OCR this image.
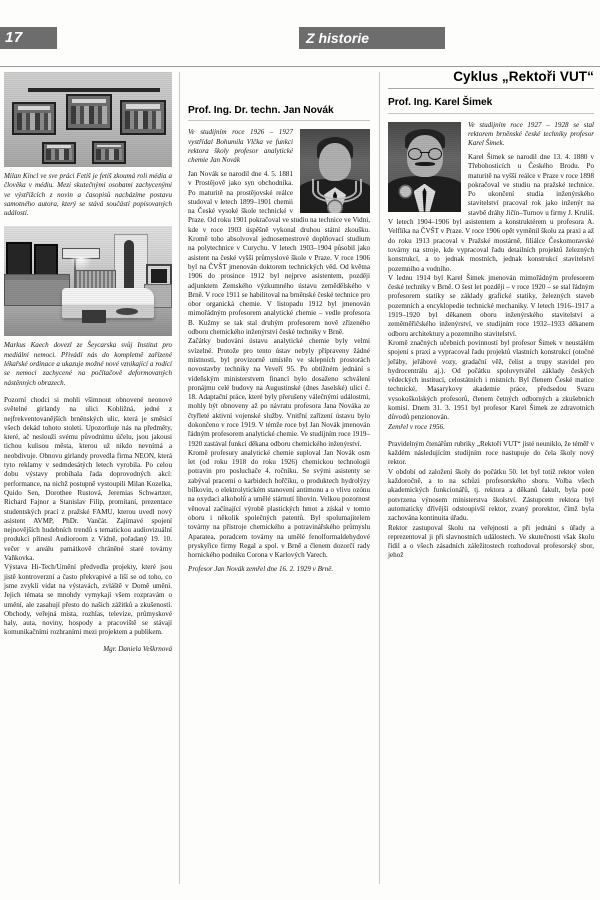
17	Z historie

Milan Kincl ve sve práci Fetiš je fetiš zkoumá roli média a člověka v médiu. Mezi skutečnými osobami zachycenými ve výstřižcích z novin a časopisů nacházíme postavu samotného autora, který se stává součástí popisovaných událostí.

Markus Kaech dovezl ze Šeycarska svůj Institut pro mediální nemoci. Přivádí nás do kompletně zařízené lékařské ordinace a ukazuje možné nové vznikající a rodící se nemoci zachycené na počítačově deformovaných nástěnných obrazech.

Pozorní chodci si mohli všimnout obnovené neonové světelné girlandy na ulici Kobližná, jedné z nejfrekventovanějších brněnských ulic, která je směsicí všech dekád tohoto století. Upozorňuje nás na předměty, které, ač neslouží svému původnímu účelu, jsou jakousi tichou kulisou města, kterou už nikdo nevnímá a neobdivuje. Obnovu girlandy provedla firma NEON, která tyto reklamy v sedmdesátých letech vyrobila. Po celou dobu výstavy probíhala řada doprovodných akcí: performance, na nichž postupně vystoupili Milan Kozelka, Quido Sen, Dorothee Rustová, Jeremias Schwartzer, Richard Fajnor a Stanislav Filip, promítaní, prezentace studentských prací z pražské FAMU, kterou uvedl nový asistent AVMP, PhDr. Vančát. Zajímavé spojení nejnovějších hudebních trendů s tematickou audiovizuální produkcí přinesl Audioroom z Vídně, pořadaný 19. 10. večer v areálu památkově chráněné staré továrny Vaňkovka.

Výstava Hi-Tech/Umění předvedla projekty, které jsou jistě kontroverzní a často překvapivé a liší se od toho, co jsme zvyklí vidat na výstavách, zvláště v Domě umění. Jejich témata se mnohdy vymykají všem rozpravám o umění, ale zasahují přesto do našich zážitků a zkušeností. Obchody, veřejná místa, rozhlas, televize, průmyskové haly, auta, noviny, hospody a pracoviště se stávají komunikačními rozhraními mezi projektem a publikem.

Mgr. Daniela Veškrnová

Prof. Ing. Dr. techn. Jan Novák

Ve studijním roce 1926 – 1927 vystřídal Bohumila Vlčka ve funkci rektora školy profesor analytické chemie Jan Novák

Jan Novák se narodil dne 4. 5. 1881 v Prostějově jako syn obchodníka. Po maturitě na prostějovské reálce studoval v letech 1899–1901 chemii na České vysoké škole technické v Praze. Od roku 1901 pokračoval ve studiu na technice ve Vidni, kde v roce 1903 úspěšně vykonal druhou státní zkoušku. Kromě toho absolvoval jednosemestrové doplňovací studium na polytechnice v Curychu. V letech 1903–1904 působil jako asistent na české vyšší průmyslové škole v Praze. V roce 1906 byl na ČVŠT jmenován doktorem technických věd. Od května 1906 do prosince 1912 byl nejprve asistentem, později adjunktem Zemského výzkumného ústavu zemědělského v Brně. V roce 1911 se habilitoval na brněnské české technice pro obor organická chemie. V listopadu 1912 byl jmenován mimořádným profesorem analytické chemie – vedle profesora B. Kužmy se tak stal druhým profesorem nově zřízeného odboru chemického inženýrství české techniky v Brně.

Začátky budování ústavu analytické chemie byly velmi svízelné. Protože pro tento ústav nebyly připraveny žádné místnosti, byl provizorně umístěn ve sklepních prostorách novostavby techniky na Veveří 95. Po obtížném jednání s vídeňským ministerstvem financí bylo dosaženo schválení pronájmu celé budovy na Augustinské (dnes Jaselské) ulici č. 18. Adaptační práce, které byly přerušeny válečnými událostmi, mohly být obnoveny až po návratu profesora Jana Nováka ze čtyřleté aktivní vojenské služby. Vnitřní zařízení ústavu bylo dokončeno v roce 1919. V témže roce byl Jan Novák jmenován řádným profesorem analytické chemie. Ve studijním roce 1919–1920 zastával funkci děkana odboru chemického inženýrství.

Kromě profesury analytické chemie suploval Jan Novák osm let (od roku 1918 do roku 1926) chemickou technologii potravin pro posluchače 4. ročníku. Se svými asistenty se zabýval pracemi o karbidech hořčíku, o produktech hydrolýzy bílkovin, o elektrolytickém stanovení antimonu a o vlivu ozónu na oxydaci alkoholů a umělé stárnutí lihovin. Velkou pozornost věnoval začínající výrobě plastických hmot a získal v tomto oboru i několik společných patentů. Byl spolumajitelem továrny na přístroje chemického a potravinářského průmyslu Aparatea, poradcem továrny na umělé fenolformaldehydové pryskyřice firmy Regal a spol. v Brně a členem dozorčí rady hornického podniku Corona v Karlových Varech.

Profesor Jan Novák zemřel dne 16. 2. 1929 v Brně.

Cyklus „Rektoři VUT“
Prof. Ing. Karel Šimek

Ve studijním roce 1927 – 1928 se stal rektorem brněnské české techniky profesor Karel Šimek.

Karel Šimek se narodil dne 13. 4. 1880 v Třebohosticích u Českého Brodu. Po maturitě na vyšší reálce v Praze v roce 1898 pokračoval ve studiu na pražské technice. Po ukončení studia inženýrského stavitelství pracoval rok jako inženýr na stavbě dráhy Jičín–Turnov u firmy J. Kruliš. V letech 1904–1906 byl asistentem a konstruktérem u profesora A. Velflíka na ČVŠT v Praze. V roce 1906 opět vyměnil školu za praxi a až do roku 1913 pracoval v Pražské mostárně, filiálce Českomoravské továrny na stroje, kde vypracoval řadu detailních projektů železných konstrukcí, a to jednak mostních, jednak konstrukcí stavitelství pozemního a vodního.

V lednu 1914 byl Karel Šimek jmenován mimořádným profesorem české techniky v Brně. O šest let později – v roce 1920 – se stal řádným profesorem statiky se základy grafické statiky, železných staveb pozemních a encyklopedie technické mechaniky. V letech 1916–1917 a 1919–1920 byl děkanem oboru inženýrského stavitelství a zeměměřičského inženýrství, ve studijním roce 1932–1933 děkanem odboru architektury a pozemního stavitelství.

Kromě značných učebních povinností byl profesor Šimek v neustálém spojení s praxí a vypracoval řadu projektů vlastních konstrukcí (otočné jeřáby, jeřábové vozy, gradační věž, čelist a trupy stavidel pro hydrocentrálu aj.). Od počátku spoluvytvářel základy českých vědeckých institucí, celostátních i místních. Byl členem České matice technické, Masarykovy akademie práce, předsedou Svazu vysokoškolských profesorů, členem četných odborných a zkušebních komisí. Dnem 31. 3. 1951 byl profesor Karel Šimek ze zdravotních důvodů penzionován.

Zemřel v roce 1956.

Pravidelným čtenářům rubriky „Rektoři VUT“ jisté neuniklo, že téměř v každém následujícím studijním roce nastupuje do čela školy nový rektor.

V období od založení školy do počátku 50. let byl totiž rektor volen každoročně, a to na schůzi profesorského sboru. Volba všech akademických funkcionářů, tj. rektora a děkanů fakult, byla poté potvrzena výnosem ministerstva školství. Zástupcem rektora byl automaticky dřívější odstoupivší rektor, zvaný prorektor, čímž byla zachována kontinuita úřadu.

Rektor zastupoval školu na veřejnosti a při jednání s úřady a reprezentoval ji při slavnostních událostech. Ve skutečnosti však školu řídil a o všech zásadních záležitostech rozhodoval profesorský sbor, jehož
